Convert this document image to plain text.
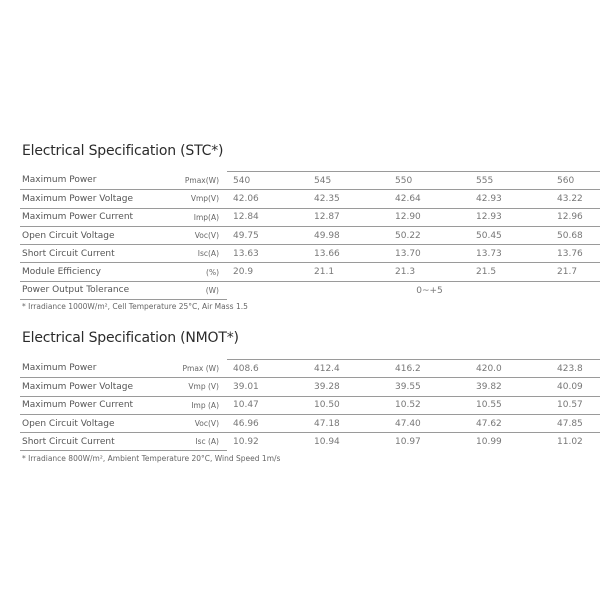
Electrical Specification (STC*)
Maximum Power	Pmax(W)	540	545	550	555	560
Maximum Power Voltage	Vmp(V)	42.06	42.35	42.64	42.93	43.22
Maximum Power Current	Imp(A)	12.84	12.87	12.90	12.93	12.96
Open Circuit Voltage	Voc(V)	49.75	49.98	50.22	50.45	50.68
Short Circuit Current	Isc(A)	13.63	13.66	13.70	13.73	13.76
Module Efficiency	(%)	20.9	21.1	21.3	21.5	21.7
Power Output Tolerance	(W)	0~+5				

* Irradiance 1000W/m², Cell Temperature 25°C, Air Mass 1.5

Electrical Specification (NMOT*)
Maximum Power	Pmax (W)	408.6	412.4	416.2	420.0	423.8
Maximum Power Voltage	Vmp (V)	39.01	39.28	39.55	39.82	40.09
Maximum Power Current	Imp (A)	10.47	10.50	10.52	10.55	10.57
Open Circuit Voltage	Voc(V)	46.96	47.18	47.40	47.62	47.85
Short Circuit Current	Isc (A)	10.92	10.94	10.97	10.99	11.02

* Irradiance 800W/m², Ambient Temperature 20°C, Wind Speed 1m/s
